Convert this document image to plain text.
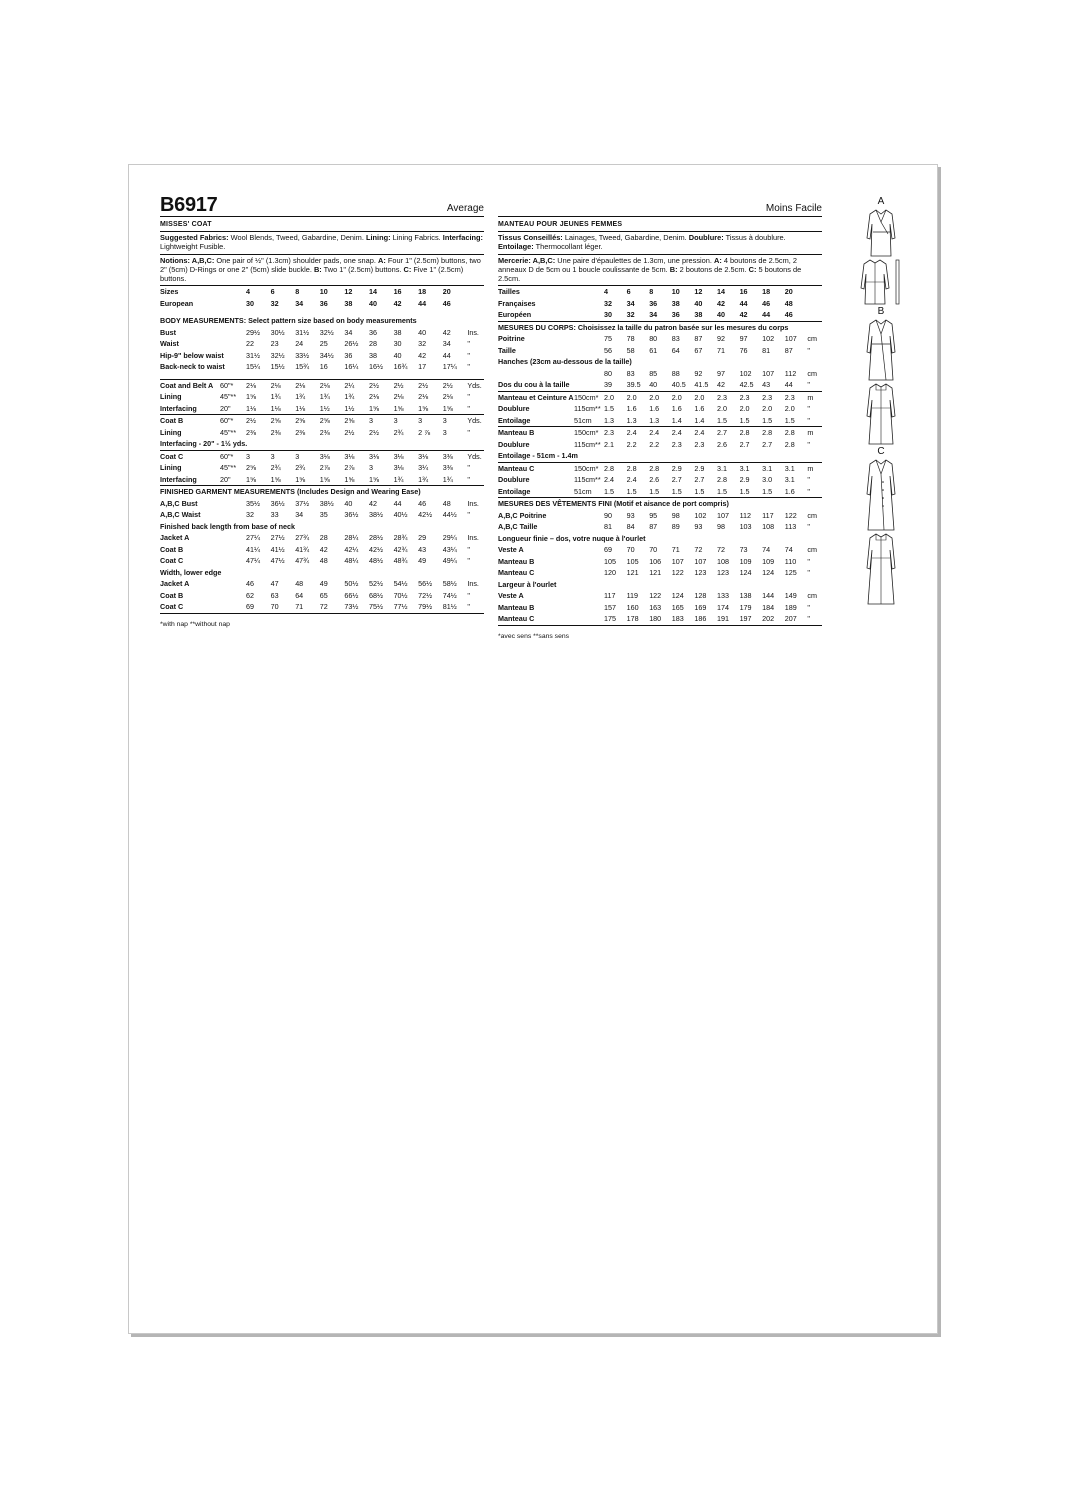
B6917	Average
MISSES' COAT
Suggested Fabrics: Wool Blends, Tweed, Gabardine, Denim. Lining: Lining Fabrics. Interfacing: Lightweight Fusible.
Notions: A,B,C: One pair of ½" (1.3cm) shoulder pads, one snap. A: Four 1" (2.5cm) buttons, two 2" (5cm) D-Rings or one 2" (5cm) slide buckle. B: Two 1" (2.5cm) buttons. C: Five 1" (2.5cm) buttons.
Sizes		4	6	8	10	12	14	16	18	20	
European		30	32	34	36	38	40	42	44	46	

BODY MEASUREMENTS: Select pattern size based on body measurements											
Bust		29½	30½	31½	32½	34	36	38	40	42	Ins.
Waist		22	23	24	25	26½	28	30	32	34	"
Hip-9" below waist		31½	32½	33½	34½	36	38	40	42	44	"
Back-neck to waist		15¼	15½	15¾	16	16¼	16½	16¾	17	17¼	"

Coat and Belt A	60"*	2⅛	2⅛	2⅛	2⅛	2¼	2½	2½	2½	2½	Yds.
Lining	45"**	1⅝	1¾	1¾	1¾	1¾	2⅛	2⅛	2⅛	2⅛	"
Interfacing	20"	1⅛	1⅛	1⅛	1½	1½	1⅝	1⅝	1⅝	1⅝	"
Coat B	60"*	2½	2⅝	2⅝	2⅝	2⅝	3	3	3	3	Yds.
Lining	45"**	2⅜	2⅜	2⅜	2⅜	2½	2½	2¾	2 ⅞	3	"
Interfacing - 20" - 1½ yds.											
Coat C	60"*	3	3	3	3⅛	3⅛	3⅛	3⅛	3⅛	3⅜	Yds.
Lining	45"**	2⅝	2¾	2¾	2⅞	2⅞	3	3⅛	3¼	3⅜	"
Interfacing	20"	1⅝	1⅝	1⅝	1⅝	1⅝	1⅝	1¾	1¾	1¾	"
FINISHED GARMENT MEASUREMENTS (Includes Design and Wearing Ease)											
A,B,C Bust		35½	36½	37½	38½	40	42	44	46	48	Ins.
A,B,C Waist		32	33	34	35	36½	38½	40½	42½	44½	"
Finished back length from base of neck											
Jacket A		27¼	27½	27¾	28	28¼	28½	28¾	29	29¼	Ins.
Coat B		41¼	41½	41¾	42	42¼	42½	42¾	43	43¼	"
Coat C		47¼	47½	47¾	48	48¼	48½	48¾	49	49¼	"
Width, lower edge											
Jacket A		46	47	48	49	50½	52½	54½	56½	58½	Ins.
Coat B		62	63	64	65	66½	68½	70½	72½	74½	"
Coat C		69	70	71	72	73½	75½	77½	79½	81½	"
*with nap **without nap
Moins Facile
MANTEAU POUR JEUNES FEMMES
Tissus Conseillés: Lainages, Tweed, Gabardine, Denim. Doublure: Tissus à doublure. Entoilage: Thermocollant léger.
Mercerie: A,B,C: Une paire d'épaulettes de 1.3cm, une pression. A: 4 boutons de 2.5cm, 2 anneaux D de 5cm ou 1 boucle coulissante de 5cm. B: 2 boutons de 2.5cm. C: 5 boutons de 2.5cm.
Tailles		4	6	8	10	12	14	16	18	20	
Françaises		32	34	36	38	40	42	44	46	48	
Européen		30	32	34	36	38	40	42	44	46	
MESURES DU CORPS: Choisissez la taille du patron basée sur les mesures du corps											
Poitrine		75	78	80	83	87	92	97	102	107	cm
Taille		56	58	61	64	67	71	76	81	87	"
Hanches (23cm au-dessous de la taille)											
		80	83	85	88	92	97	102	107	112	cm
Dos du cou à la taille		39	39.5	40	40.5	41.5	42	42.5	43	44	"
Manteau et Ceinture A	150cm*	2.0	2.0	2.0	2.0	2.0	2.3	2.3	2.3	2.3	m
Doublure	115cm**	1.5	1.6	1.6	1.6	1.6	2.0	2.0	2.0	2.0	"
Entoilage	51cm	1.3	1.3	1.3	1.4	1.4	1.5	1.5	1.5	1.5	"
Manteau B	150cm*	2.3	2.4	2.4	2.4	2.4	2.7	2.8	2.8	2.8	m
Doublure	115cm**	2.1	2.2	2.2	2.3	2.3	2.6	2.7	2.7	2.8	"
Entoilage - 51cm - 1.4m											
Manteau C	150cm*	2.8	2.8	2.8	2.9	2.9	3.1	3.1	3.1	3.1	m
Doublure	115cm**	2.4	2.4	2.6	2.7	2.7	2.8	2.9	3.0	3.1	"
Entoilage	51cm	1.5	1.5	1.5	1.5	1.5	1.5	1.5	1.5	1.6	"
MESURES DES VÊTEMENTS FINI (Motif et aisance de port compris)											
A,B,C Poitrine		90	93	95	98	102	107	112	117	122	cm
A,B,C Taille		81	84	87	89	93	98	103	108	113	"
Longueur finie – dos, votre nuque à l'ourlet											
Veste A		69	70	70	71	72	72	73	74	74	cm
Manteau B		105	105	106	107	107	108	109	109	110	"
Manteau C		120	121	121	122	123	123	124	124	125	"
Largeur à l'ourlet											
Veste A		117	119	122	124	128	133	138	144	149	cm
Manteau B		157	160	163	165	169	174	179	184	189	"
Manteau C		175	178	180	183	186	191	197	202	207	"
*avec sens **sans sens
A
B
C
